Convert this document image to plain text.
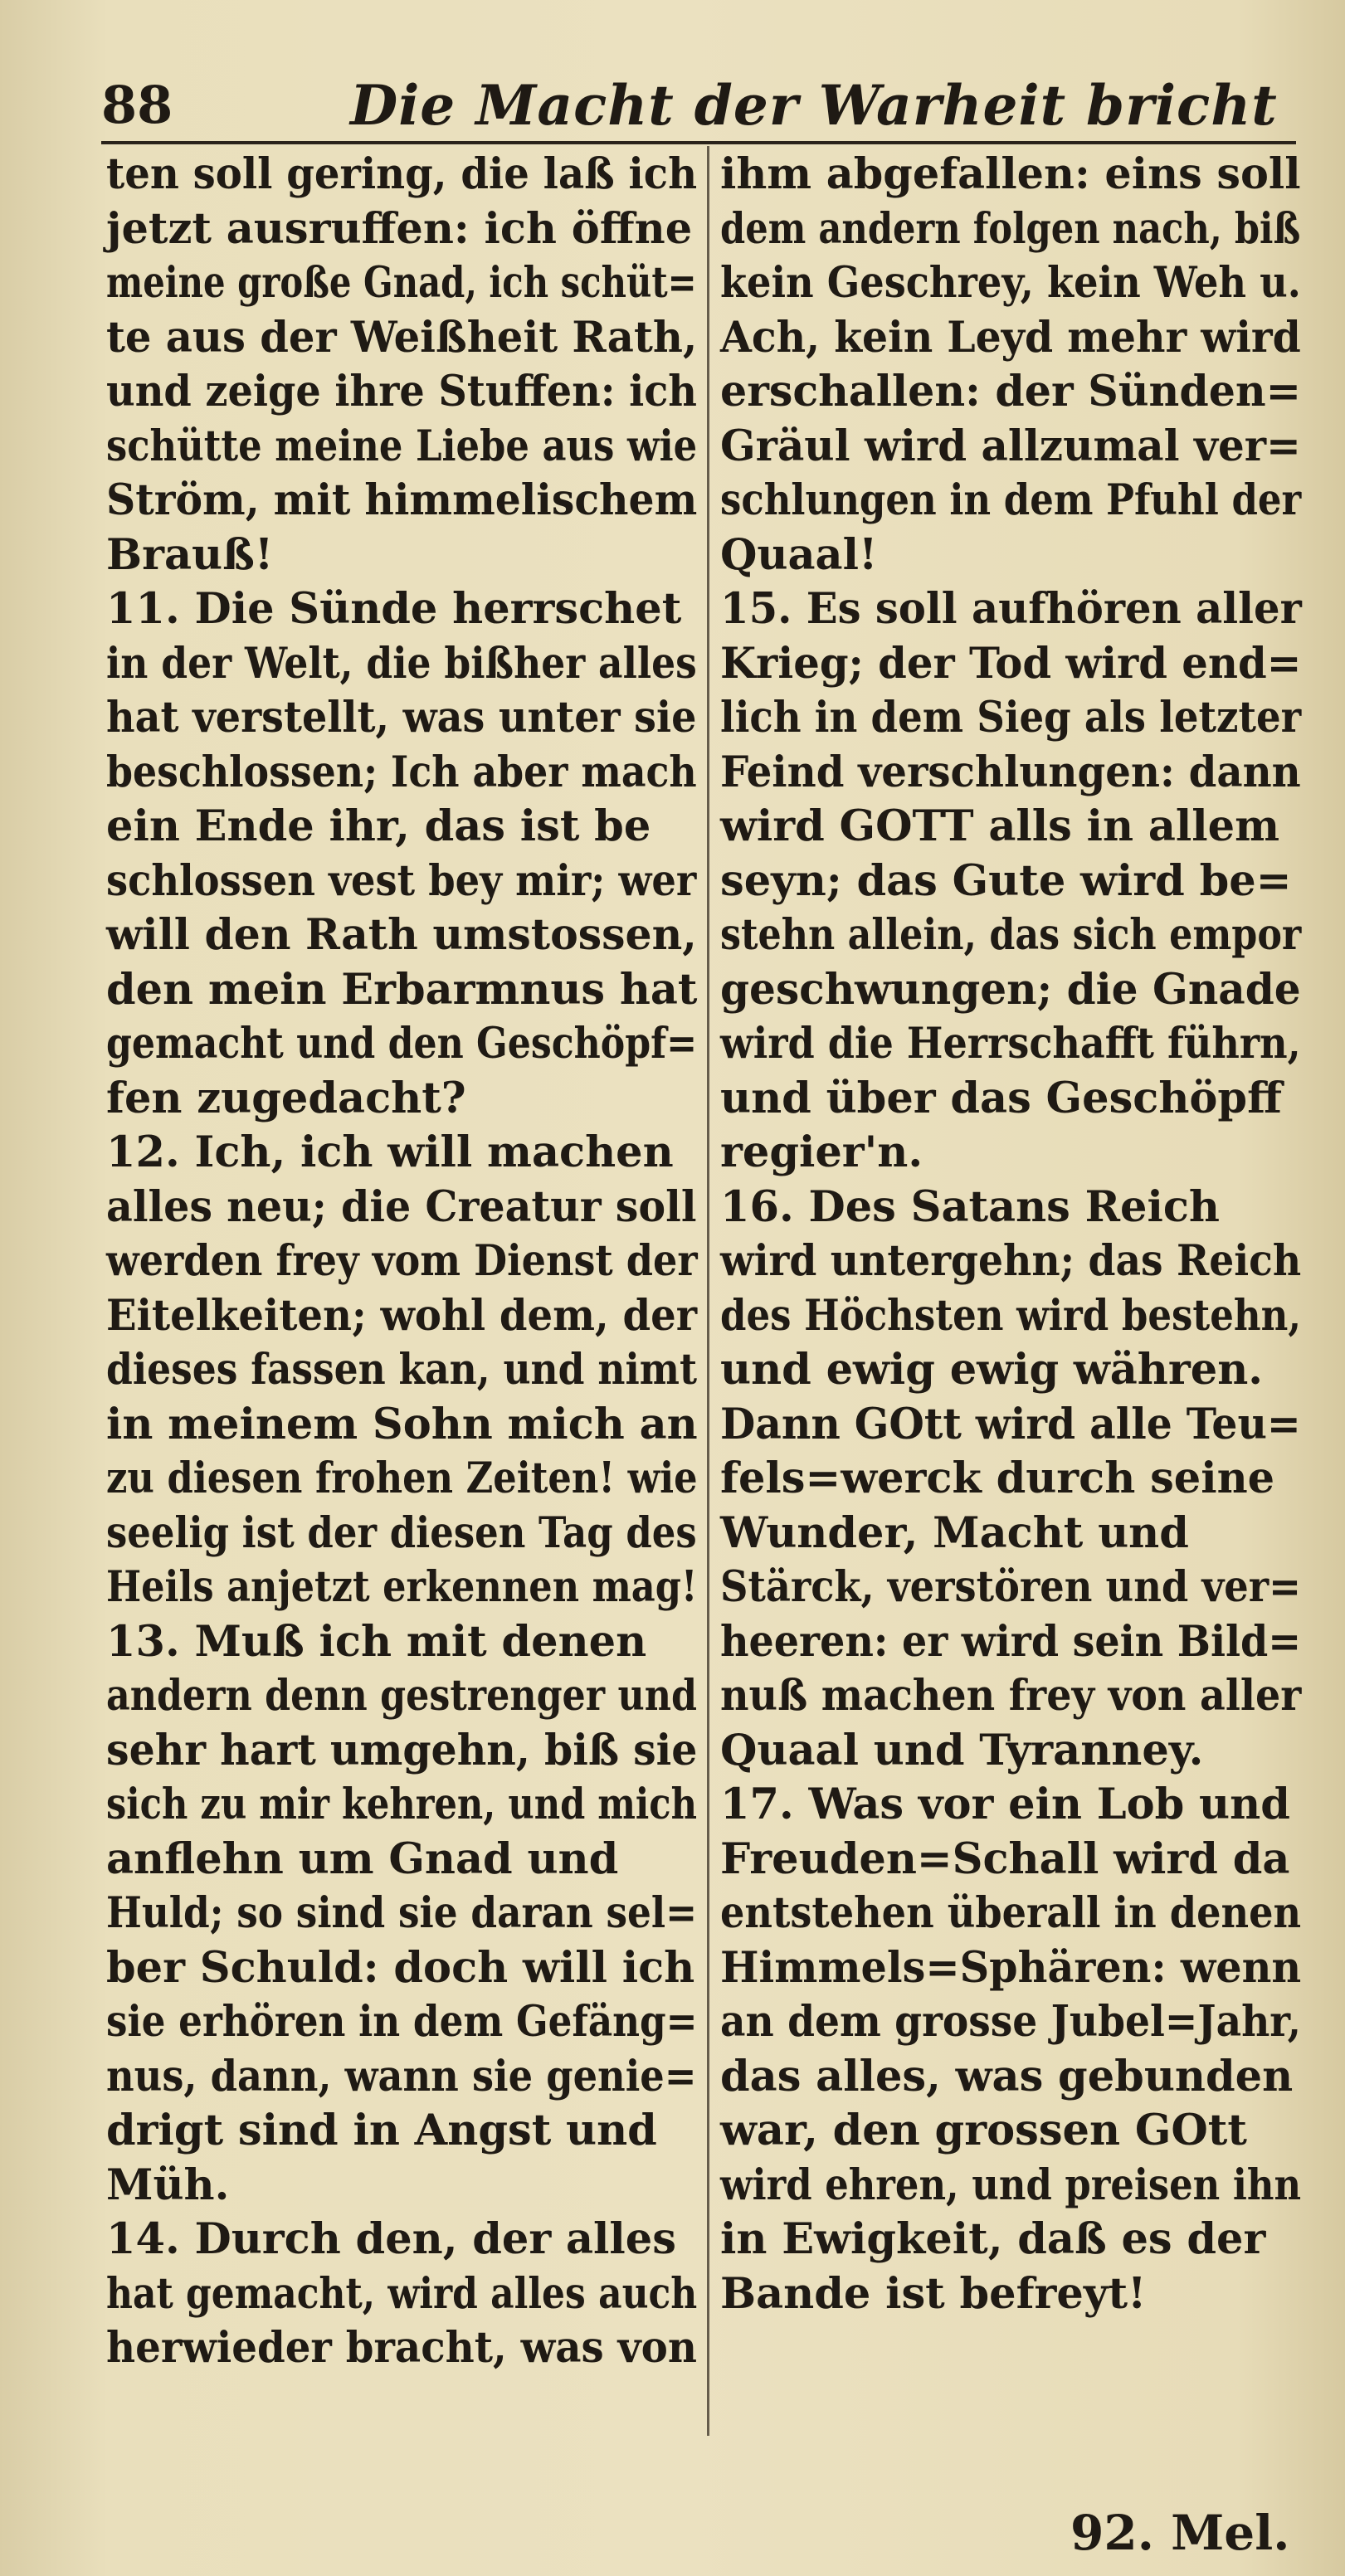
88	Die Macht der Warheit bricht
ten soll gering, die laß ich
jetzt ausruffen: ich öffne
meine große Gnad, ich schüt=
te aus der Weißheit Rath,
und zeige ihre Stuffen: ich
schütte meine Liebe aus wie
Ström, mit himmelischem
Brauß!
11. Die Sünde herrschet
in der Welt, die bißher alles
hat verstellt, was unter sie
beschlossen; Ich aber mach
ein Ende ihr, das ist be
schlossen vest bey mir; wer
will den Rath umstossen,
den mein Erbarmnus hat
gemacht und den Geschöpf=
fen zugedacht?
12. Ich, ich will machen
alles neu; die Creatur soll
werden frey vom Dienst der
Eitelkeiten; wohl dem, der
dieses fassen kan, und nimt
in meinem Sohn mich an
zu diesen frohen Zeiten! wie
seelig ist der diesen Tag des
Heils anjetzt erkennen mag!
13. Muß ich mit denen
andern denn gestrenger und
sehr hart umgehn, biß sie
sich zu mir kehren, und mich
anflehn um Gnad und
Huld; so sind sie daran sel=
ber Schuld: doch will ich
sie erhören in dem Gefäng=
nus, dann, wann sie genie=
drigt sind in Angst und
Müh.
14. Durch den, der alles
hat gemacht, wird alles auch
herwieder bracht, was von
ihm abgefallen: eins soll
dem andern folgen nach, biß
kein Geschrey, kein Weh u.
Ach, kein Leyd mehr wird
erschallen: der Sünden=
Gräul wird allzumal ver=
schlungen in dem Pfuhl der
Quaal!
15. Es soll aufhören aller
Krieg; der Tod wird end=
lich in dem Sieg als letzter
Feind verschlungen: dann
wird GOTT alls in allem
seyn; das Gute wird be=
stehn allein, das sich empor
geschwungen; die Gnade
wird die Herrschafft führn,
und über das Geschöpff
regier'n.
16. Des Satans Reich
wird untergehn; das Reich
des Höchsten wird bestehn,
und ewig ewig währen.
Dann GOtt wird alle Teu=
fels=werck durch seine
Wunder, Macht und
Stärck, verstören und ver=
heeren: er wird sein Bild=
nuß machen frey von aller
Quaal und Tyranney.
17. Was vor ein Lob und
Freuden=Schall wird da
entstehen überall in denen
Himmels=Sphären: wenn
an dem grosse Jubel=Jahr,
das alles, was gebunden
war, den grossen GOtt
wird ehren, und preisen ihn
in Ewigkeit, daß es der
Bande ist befreyt!
92. Mel.
